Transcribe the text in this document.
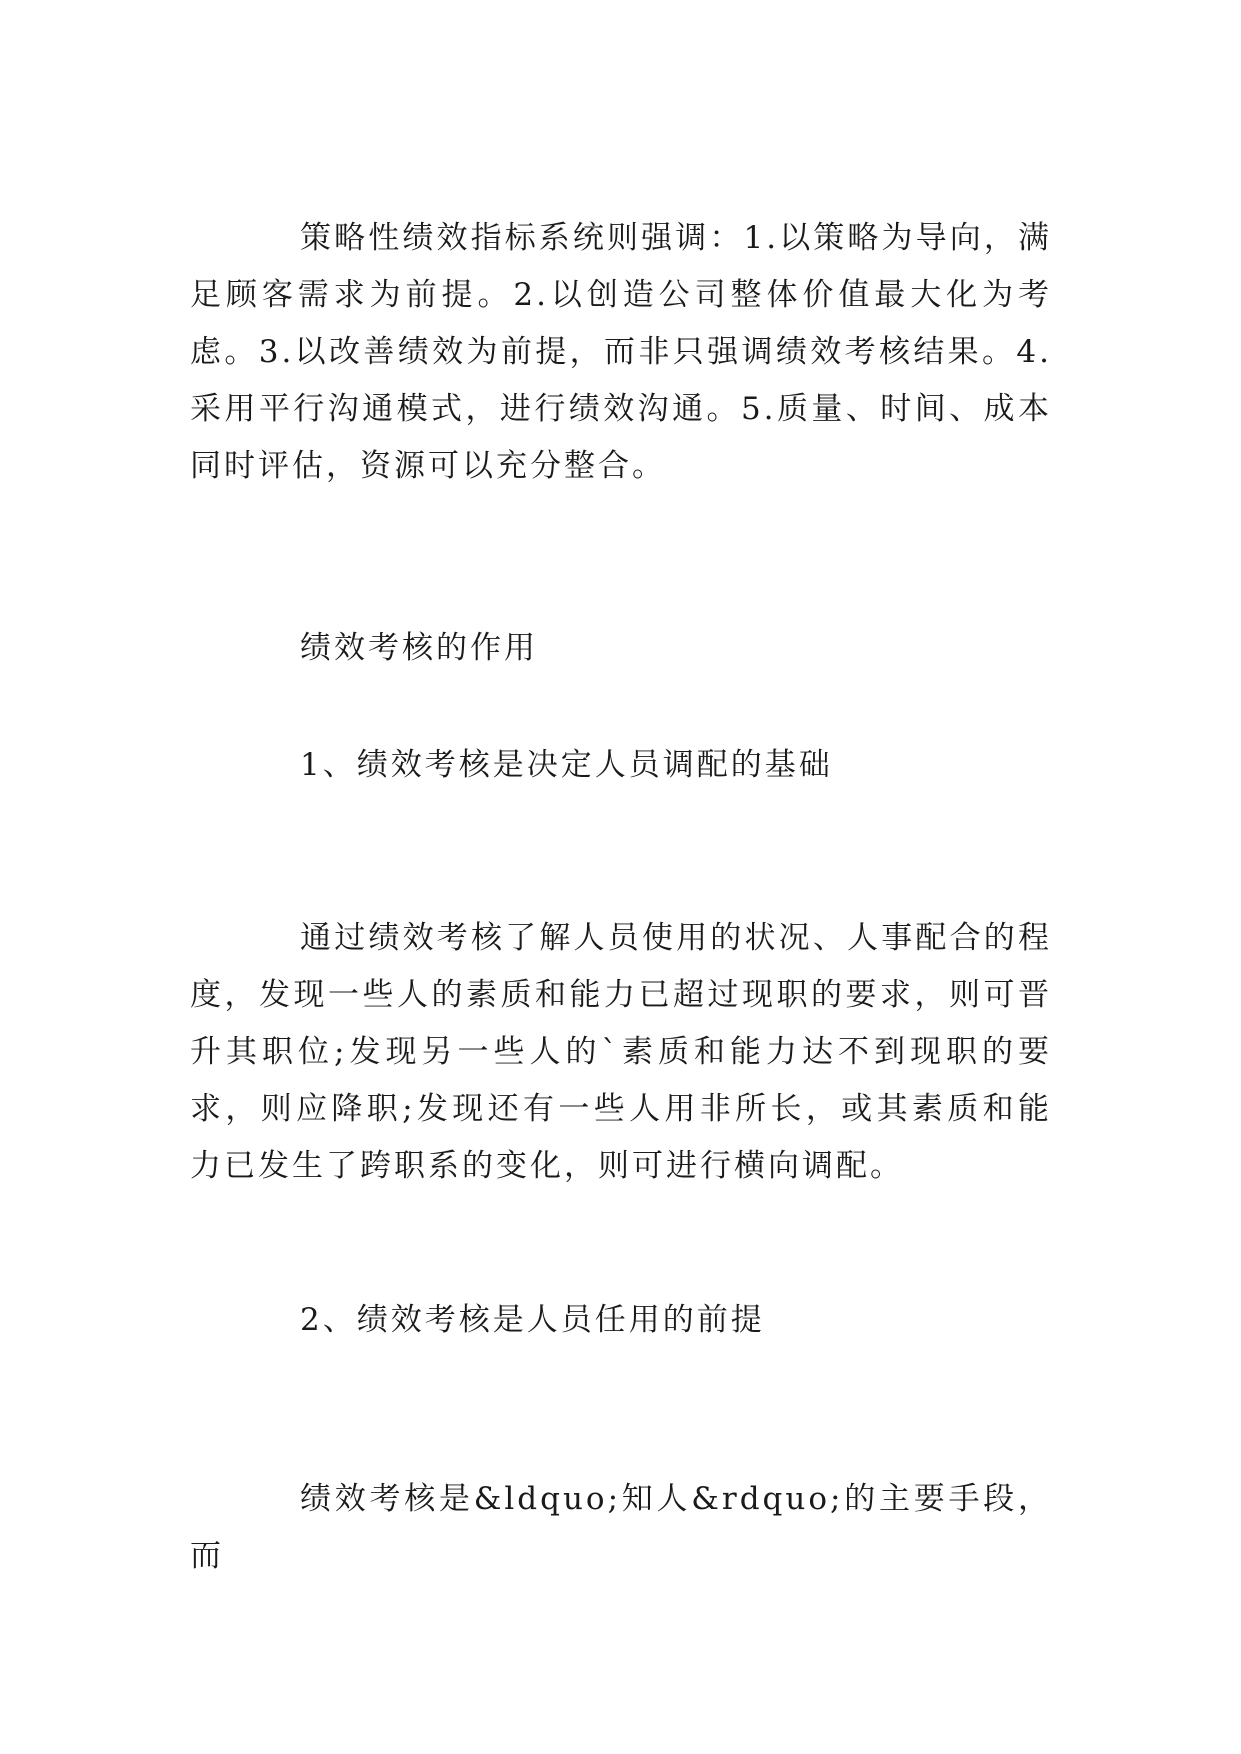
策略性绩效指标系统则强调：1.以策略为导向，满足顾客需求为前提。2.以创造公司整体价值最大化为考虑。3.以改善绩效为前提，而非只强调绩效考核结果。4.采用平行沟通模式，进行绩效沟通。5.质量、时间、成本同时评估，资源可以充分整合。

绩效考核的作用

1、绩效考核是决定人员调配的基础

通过绩效考核了解人员使用的状况、人事配合的程度，发现一些人的素质和能力已超过现职的要求，则可晋升其职位;发现另一些人的`素质和能力达不到现职的要求，则应降职;发现还有一些人用非所长，或其素质和能力已发生了跨职系的变化，则可进行横向调配。

2、绩效考核是人员任用的前提

绩效考核是&ldquo;知人&rdquo;的主要手段，而
